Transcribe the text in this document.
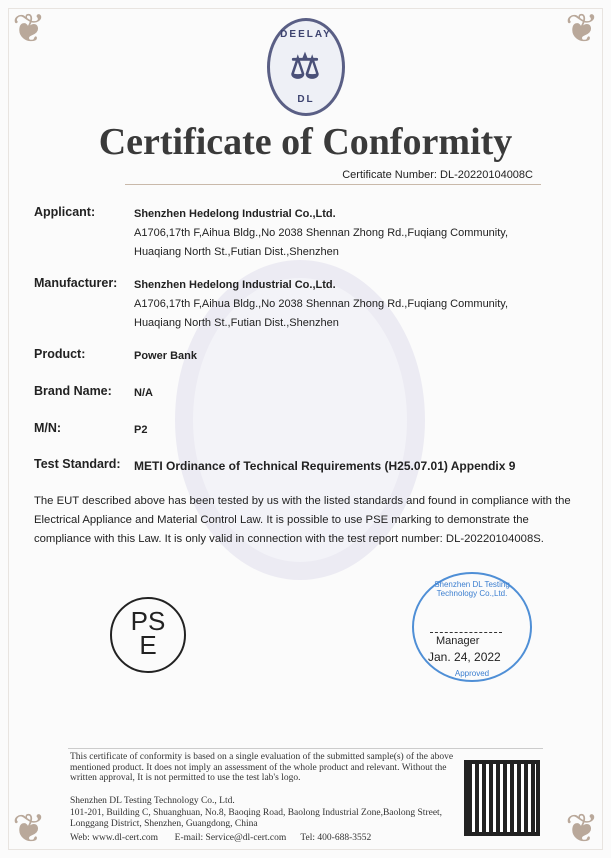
❦	❦
❦	❦
DEELAY
⚖
DL
Certificate of Conformity
Certificate Number: DL-20220104008C
Applicant:	Shenzhen Hedelong Industrial Co.,Ltd.
A1706,17th F,Aihua Bldg.,No 2038 Shennan Zhong Rd.,Fuqiang Community,
Huaqiang North St.,Futian Dist.,Shenzhen
Manufacturer:	Shenzhen Hedelong Industrial Co.,Ltd.
A1706,17th F,Aihua Bldg.,No 2038 Shennan Zhong Rd.,Fuqiang Community,
Huaqiang North St.,Futian Dist.,Shenzhen
Product:	Power Bank
Brand Name:	N/A
M/N:	P2
Test Standard:	METI Ordinance of Technical Requirements (H25.07.01) Appendix 9
The EUT described above has been tested by us with the listed standards and found in compliance with the Electrical Appliance and Material Control Law. It is possible to use PSE marking to demonstrate the compliance with this Law. It is only valid in connection with the test report number: DL-20220104008S.
PS
E
Shenzhen DL Testing Technology Co.,Ltd.
Approved
Manager
Jan. 24, 2022
This certificate of conformity is based on a single evaluation of the submitted sample(s) of the above mentioned product. It does not imply an assessment of the whole product and relevant. Without the written approval, It is not permitted to use the test lab's logo.
Shenzhen DL Testing Technology Co., Ltd.
101-201, Building C, Shuanghuan, No.8, Baoqing Road, Baolong Industrial Zone,Baolong Street, Longgang District, Shenzhen, Guangdong, China
Web: www.dl-cert.com E-mail: Service@dl-cert.com Tel: 400-688-3552
